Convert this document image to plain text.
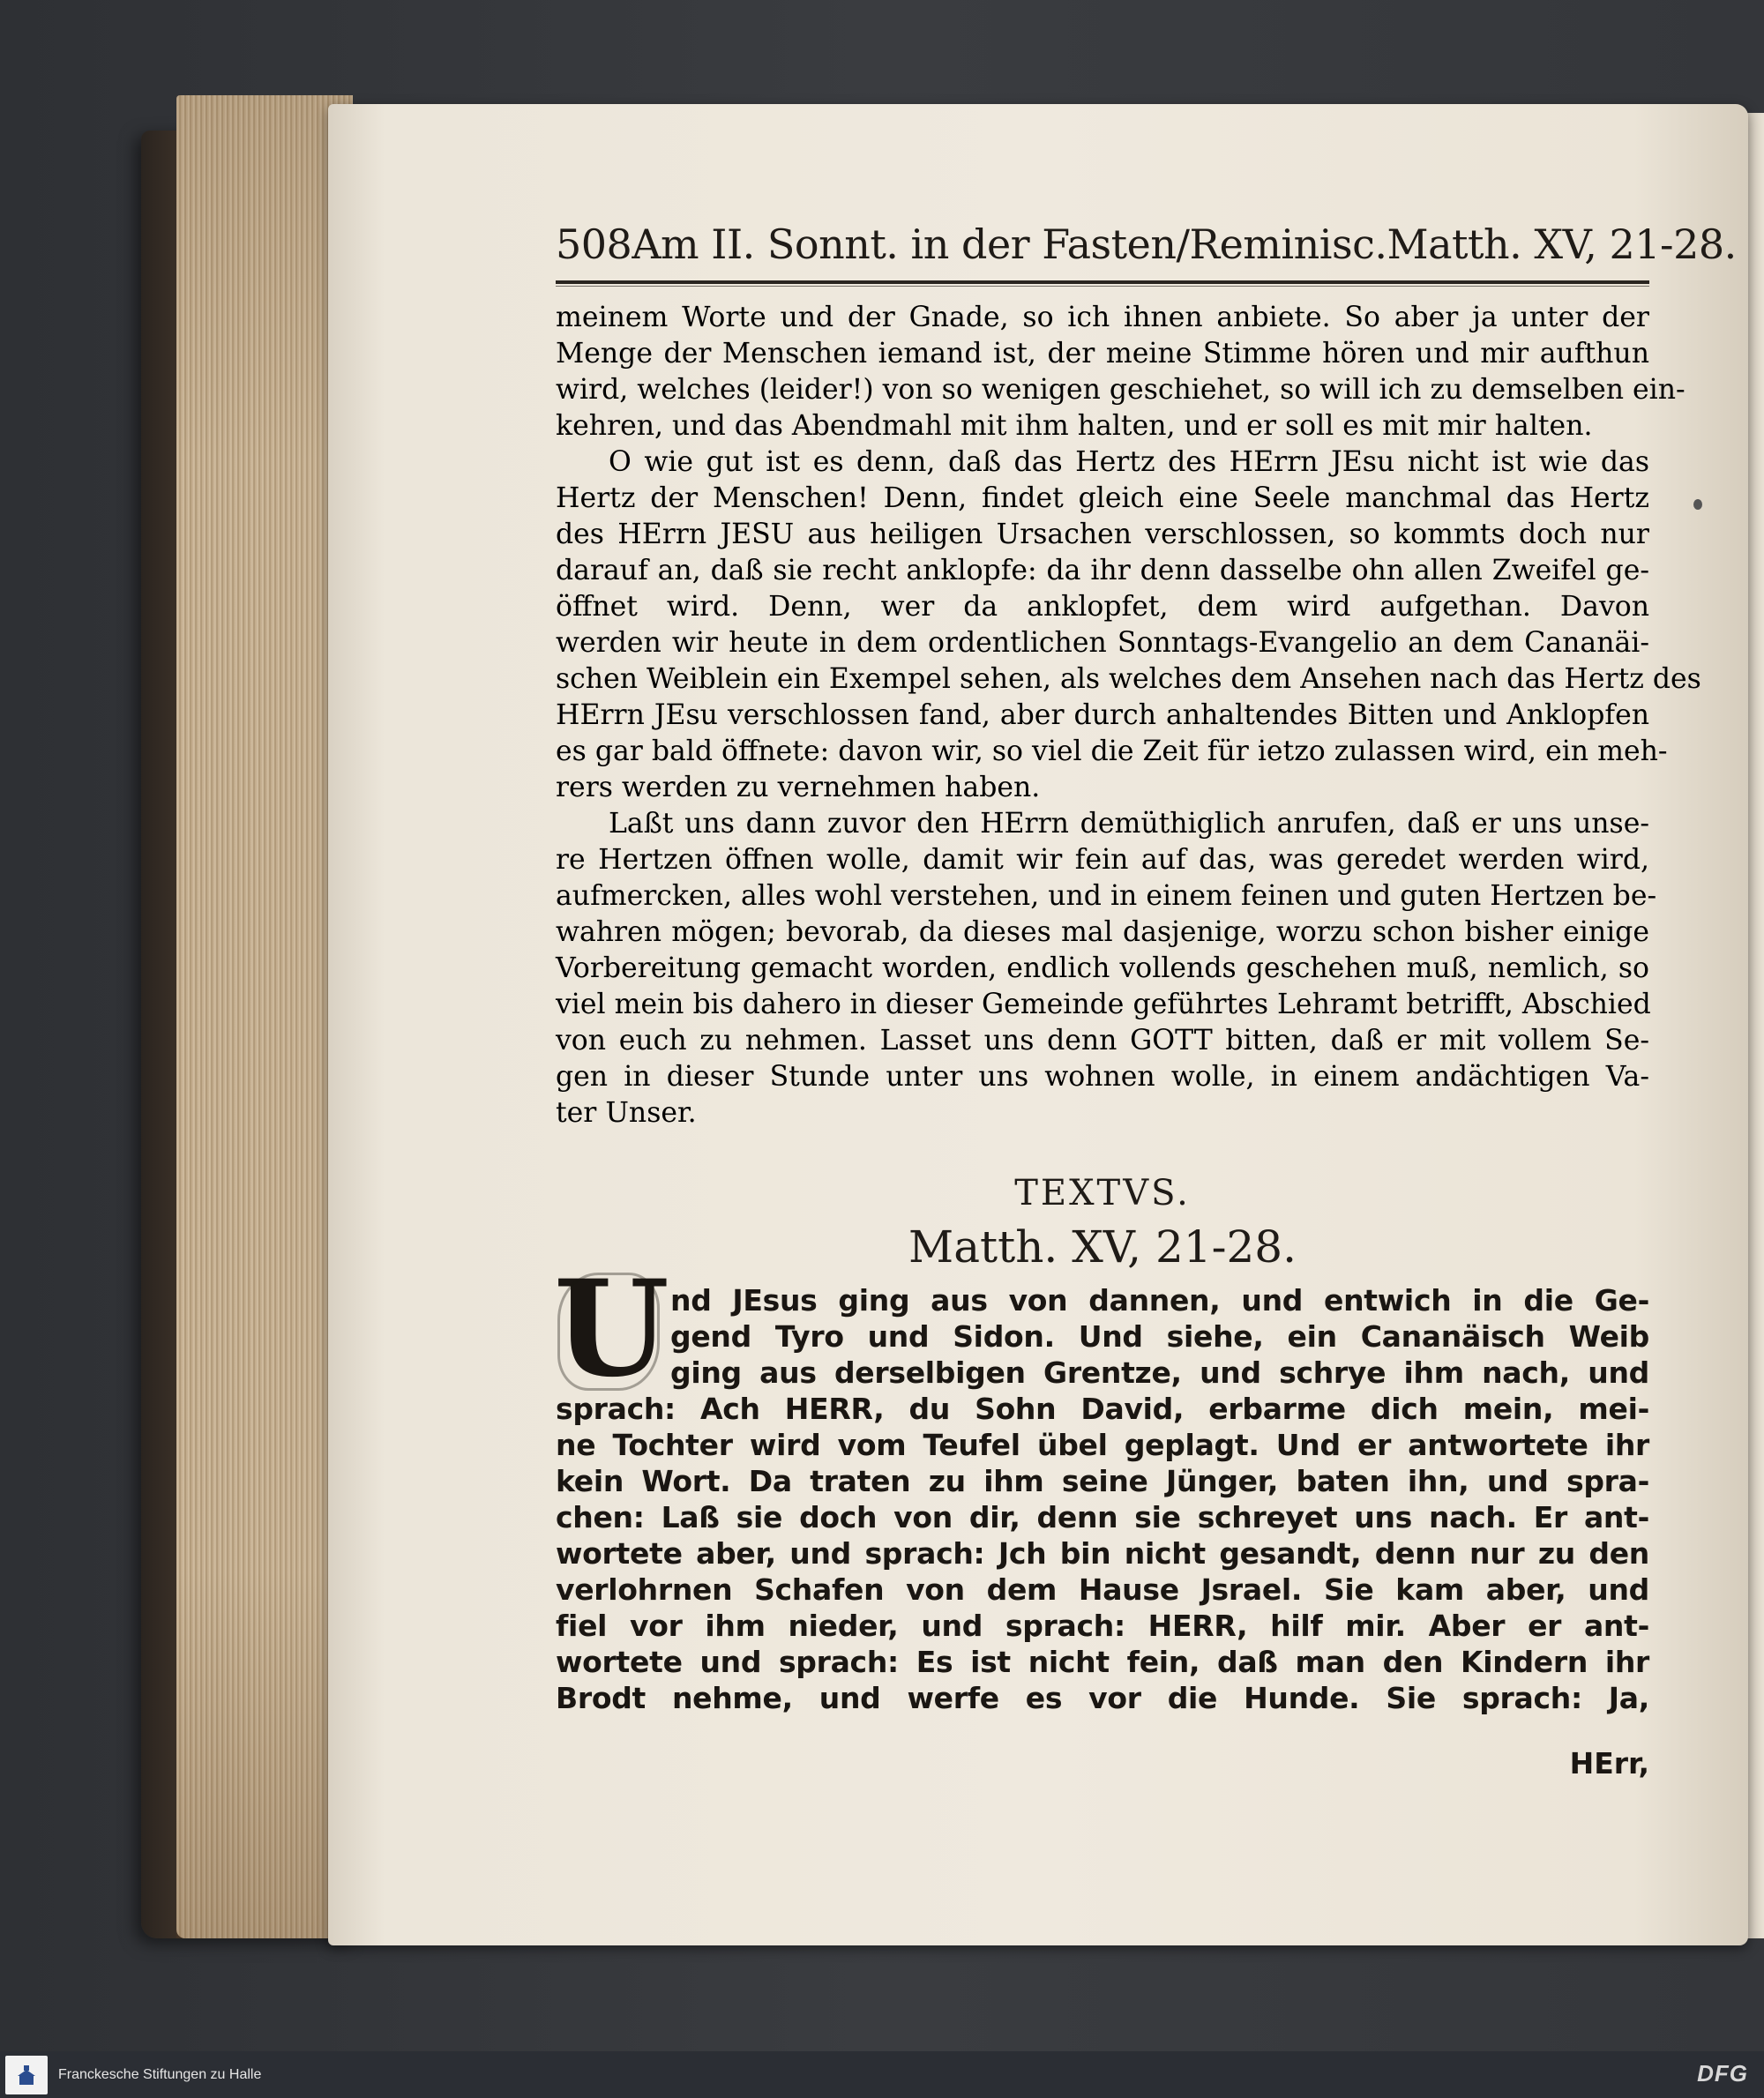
508 Am II. Sonnt. in der Fasten/Reminisc. Matth. XV, 21-28.
meinem Worte und der Gnade, so ich ihnen anbiete. So aber ja unter der
Menge der Menschen iemand ist, der meine Stimme hören und mir aufthun
wird, welches (leider!) von so wenigen geschiehet, so will ich zu demselben ein-
kehren, und das Abendmahl mit ihm halten, und er soll es mit mir halten.
O wie gut ist es denn, daß das Hertz des HErrn JEsu nicht ist wie das
Hertz der Menschen! Denn, findet gleich eine Seele manchmal das Hertz
des HErrn JESU aus heiligen Ursachen verschlossen, so kommts doch nur
darauf an, daß sie recht anklopfe: da ihr denn dasselbe ohn allen Zweifel ge-
öffnet wird. Denn, wer da anklopfet, dem wird aufgethan. Davon
werden wir heute in dem ordentlichen Sonntags-Evangelio an dem Cananäi-
schen Weiblein ein Exempel sehen, als welches dem Ansehen nach das Hertz des
HErrn JEsu verschlossen fand, aber durch anhaltendes Bitten und Anklopfen
es gar bald öffnete: davon wir, so viel die Zeit für ietzo zulassen wird, ein meh-
rers werden zu vernehmen haben.
Laßt uns dann zuvor den HErrn demüthiglich anrufen, daß er uns unse-
re Hertzen öffnen wolle, damit wir fein auf das, was geredet werden wird,
aufmercken, alles wohl verstehen, und in einem feinen und guten Hertzen be-
wahren mögen; bevorab, da dieses mal dasjenige, worzu schon bisher einige
Vorbereitung gemacht worden, endlich vollends geschehen muß, nemlich, so
viel mein bis dahero in dieser Gemeinde geführtes Lehramt betrifft, Abschied
von euch zu nehmen. Lasset uns denn GOTT bitten, daß er mit vollem Se-
gen in dieser Stunde unter uns wohnen wolle, in einem andächtigen Va-
ter Unser.
TEXTVS.
Matth. XV, 21-28.
U nd JEsus ging aus von dannen, und entwich in die Ge-
gend Tyro und Sidon. Und siehe, ein Cananäisch Weib
ging aus derselbigen Grentze, und schrye ihm nach, und
sprach: Ach HERR, du Sohn David, erbarme dich mein, mei-
ne Tochter wird vom Teufel übel geplagt. Und er antwortete ihr
kein Wort. Da traten zu ihm seine Jünger, baten ihn, und spra-
chen: Laß sie doch von dir, denn sie schreyet uns nach. Er ant-
wortete aber, und sprach: Jch bin nicht gesandt, denn nur zu den
verlohrnen Schafen von dem Hause Jsrael. Sie kam aber, und
fiel vor ihm nieder, und sprach: HERR, hilf mir. Aber er ant-
wortete und sprach: Es ist nicht fein, daß man den Kindern ihr
Brodt nehme, und werfe es vor die Hunde. Sie sprach: Ja,
HErr,
Franckesche Stiftungen zu Halle	DFG
